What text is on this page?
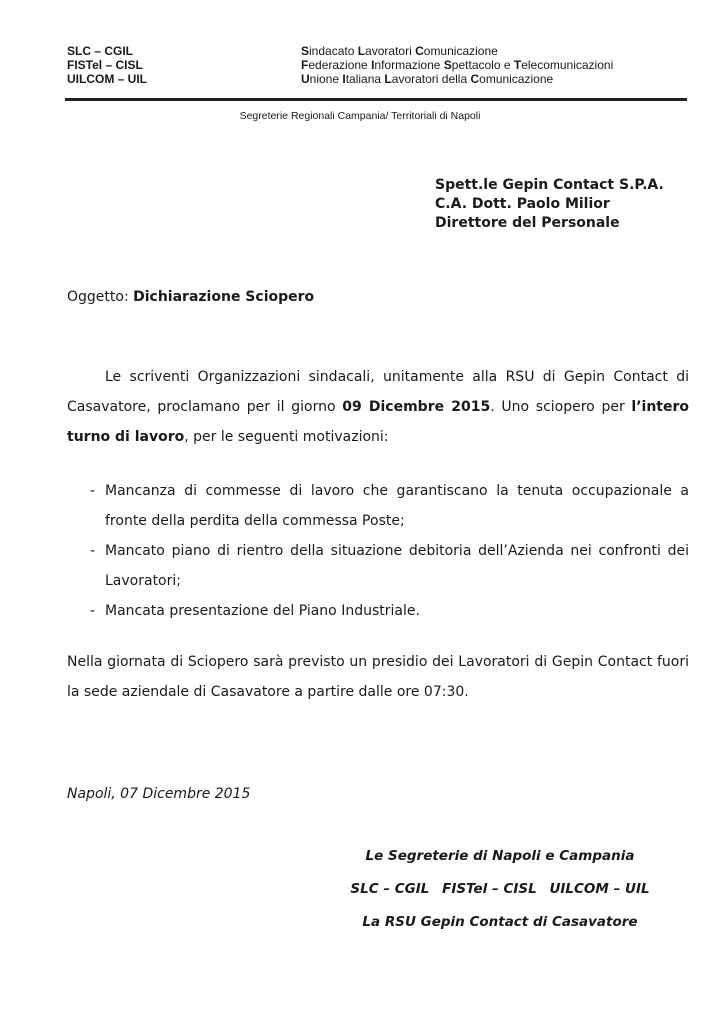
SLC – CGIL
FISTel – CISL
UILCOM – UIL
Sindacato Lavoratori Comunicazione
Federazione Informazione Spettacolo e Telecomunicazioni
Unione Italiana Lavoratori della Comunicazione
Segreterie Regionali Campania/ Territoriali di Napoli
Spett.le Gepin Contact S.P.A.
C.A. Dott. Paolo Milior
Direttore del Personale
Oggetto: Dichiarazione Sciopero
Le scriventi Organizzazioni sindacali, unitamente alla RSU di Gepin Contact di Casavatore, proclamano per il giorno 09 Dicembre 2015. Uno sciopero per l’intero turno di lavoro, per le seguenti motivazioni:
- Mancanza di commesse di lavoro che garantiscano la tenuta occupazionale a fronte della perdita della commessa Poste;
- Mancato piano di rientro della situazione debitoria dell’Azienda nei confronti dei Lavoratori;
- Mancata presentazione del Piano Industriale.
Nella giornata di Sciopero sarà previsto un presidio dei Lavoratori di Gepin Contact fuori la sede aziendale di Casavatore a partire dalle ore 07:30.
Napoli, 07 Dicembre 2015
Le Segreterie di Napoli e Campania
SLC – CGIL FISTel – CISL UILCOM – UIL
La RSU Gepin Contact di Casavatore
